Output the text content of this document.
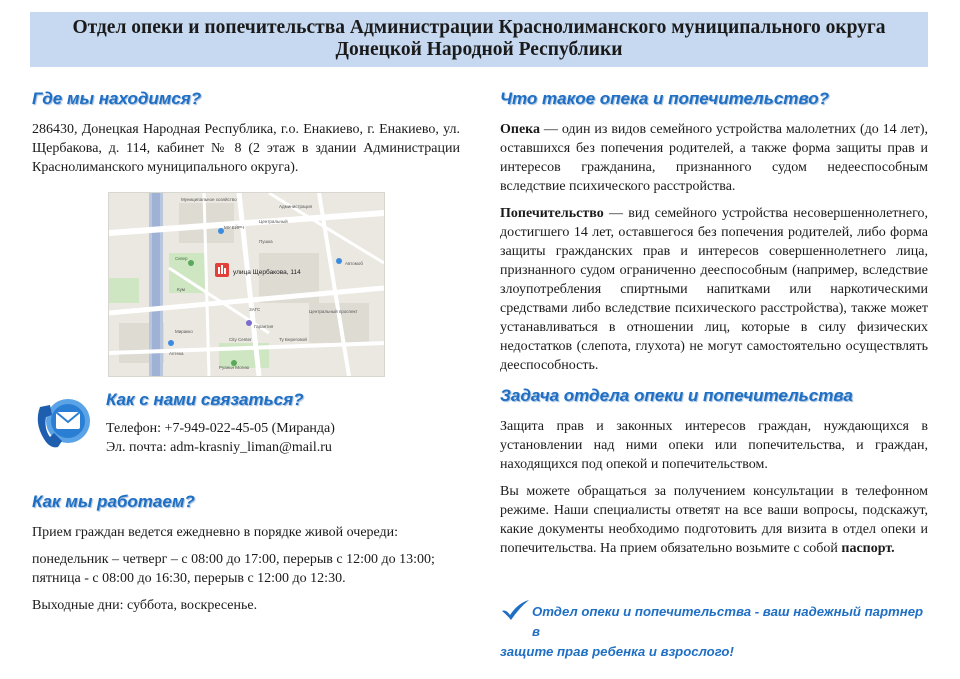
Отдел опеки и попечительства Администрации Краснолиманского муниципального округа
Донецкой Народной Республики
Где мы находимся?

286430, Донецкая Народная Республика, г.о. Енакиево, г. Енакиево, ул. Щербакова, д. 114, кабинет № 8 (2 этаж в здании Администрации Краснолиманского муниципального округа).

улица Щербакова, 114
Муниципальное хозяйство
Сквер
Кум
МУ ЕЙРЧ
Центральный
Пушка
Гарантия
ЗАГС
Миракко
City Center
Автомоб
Аптека
Руаньн Могию
Ту Береговой
Центральный проспект
Администрация
Как с нами связаться?

Телефон: +7-949-022-45-05 (Миранда)

Эл. почта: adm-krasniy_liman@mail.ru

Как мы работаем?

Прием граждан ведется ежедневно в порядке живой очереди:

понедельник – четверг – с 08:00 до 17:00, перерыв с 12:00 до 13:00;

пятница - с 08:00 до 16:30, перерыв с 12:00 до 12:30.

Выходные дни: суббота, воскресенье.

Что такое опека и попечительство?

Опека — один из видов семейного устройства малолетних (до 14 лет), оставшихся без попечения родителей, а также форма защиты прав и интересов гражданина, признанного судом недееспособным вследствие психического расстройства.

Попечительство — вид семейного устройства несовершеннолетнего, достигшего 14 лет, оставшегося без попечения родителей, либо форма защиты гражданских прав и интересов совершеннолетнего лица, признанного судом ограниченно дееспособным (например, вследствие злоупотребления спиртными напитками или наркотическими средствами либо вследствие психического расстройства), также может устанавливаться в отношении лиц, которые в силу физических недостатков (слепота, глухота) не могут самостоятельно осуществлять дееспособность.

Задача отдела опеки и попечительства

Защита прав и законных интересов граждан, нуждающихся в установлении над ними опеки или попечительства, и граждан, находящихся под опекой и попечительством.

Вы можете обращаться за получением консультации в телефонном режиме. Наши специалисты ответят на все ваши вопросы, подскажут, какие документы необходимо подготовить для визита в отдел опеки и попечительства. На прием обязательно возьмите с собой паспорт.

Отдел опеки и попечительства - ваш надежный партнер в
защите прав ребенка и взрослого!
